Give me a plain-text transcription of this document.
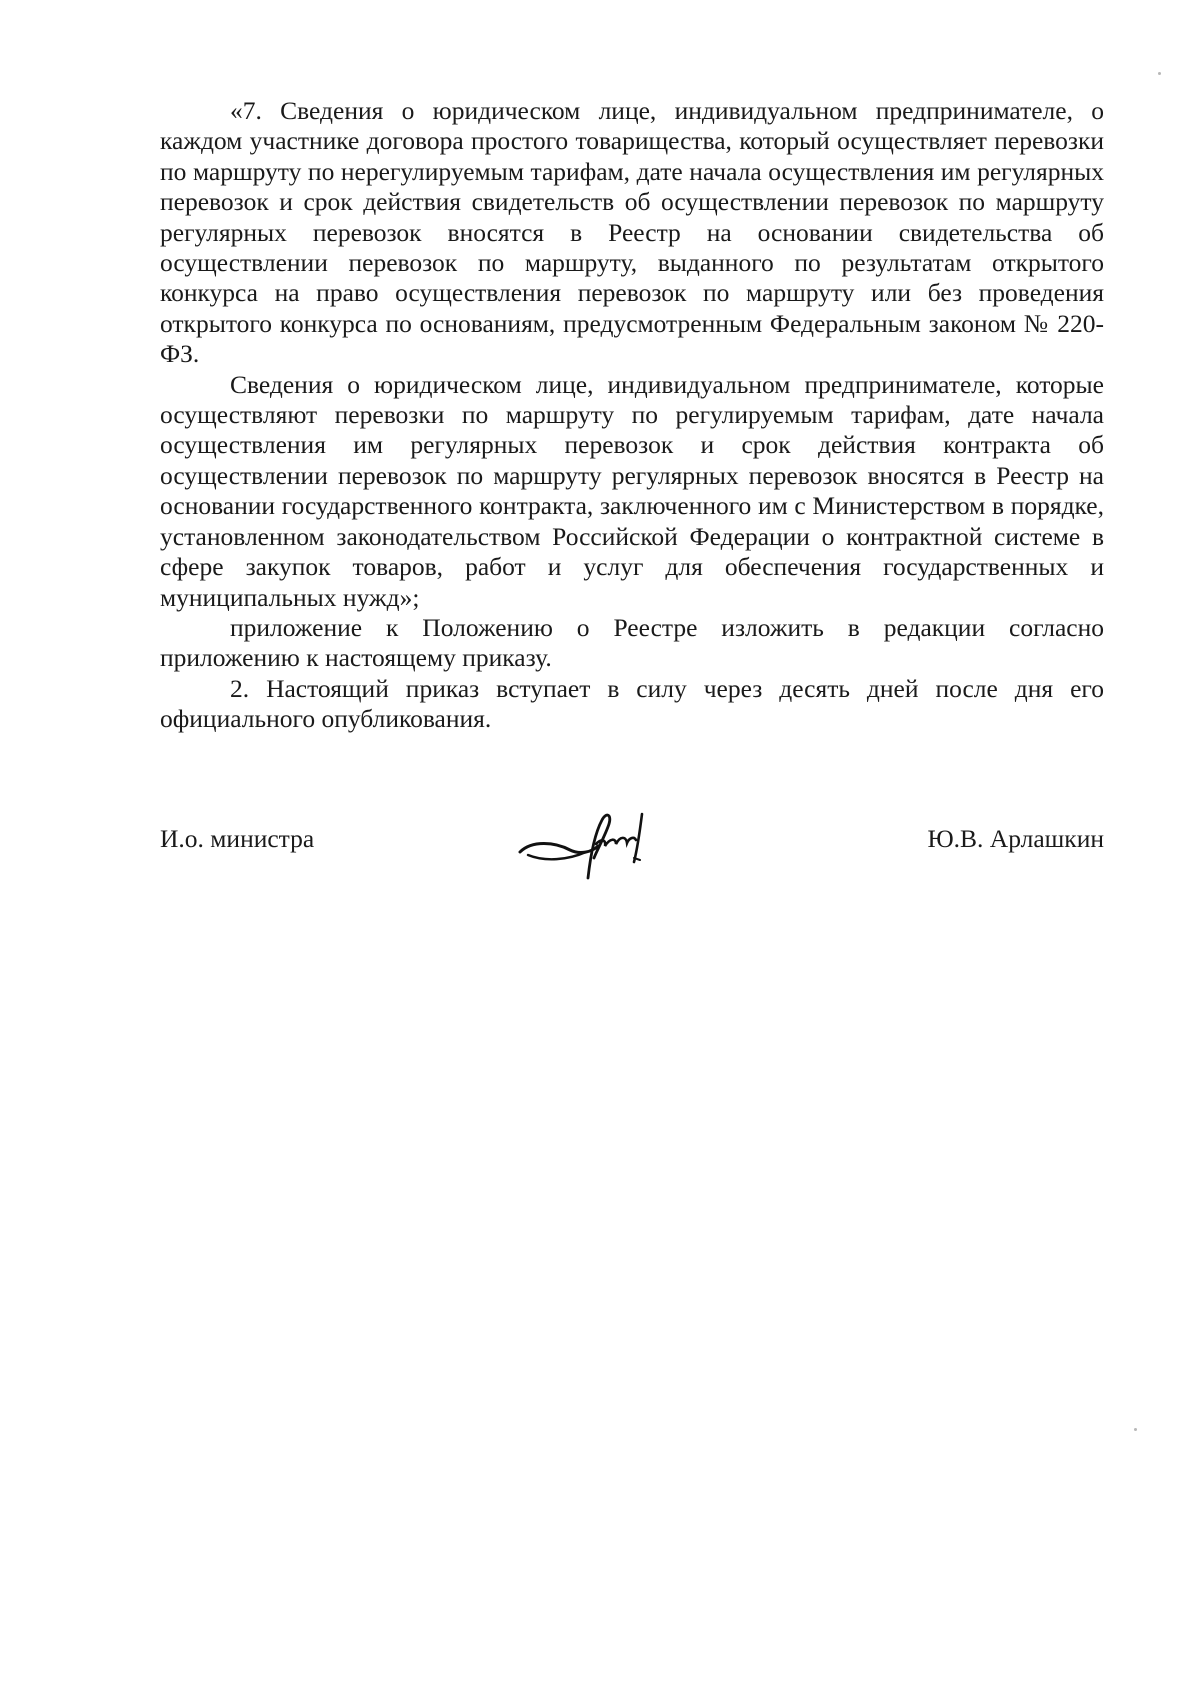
«7. Сведения о юридическом лице, индивидуальном предпринимателе, о каждом участнике договора простого товарищества, который осуществляет перевозки по маршруту по нерегулируемым тарифам, дате начала осуществления им регулярных перевозок и срок действия свидетельств об осуществлении перевозок по маршруту регулярных перевозок вносятся в Реестр на основании свидетельства об осуществлении перевозок по маршруту, выданного по результатам открытого конкурса на право осуществления перевозок по маршруту или без проведения открытого конкурса по основаниям, предусмотренным Федеральным законом № 220-ФЗ.

Сведения о юридическом лице, индивидуальном предпринимателе, которые осуществляют перевозки по маршруту по регулируемым тарифам, дате начала осуществления им регулярных перевозок и срок действия контракта об осуществлении перевозок по маршруту регулярных перевозок вносятся в Реестр на основании государственного контракта, заключенного им с Министерством в порядке, установленном законодательством Российской Федерации о контрактной системе в сфере закупок товаров, работ и услуг для обеспечения государственных и муниципальных нужд»;

приложение к Положению о Реестре изложить в редакции согласно приложению к настоящему приказу.

2. Настоящий приказ вступает в силу через десять дней после дня его официального опубликования.

И.о. министра	Ю.В. Арлашкин
